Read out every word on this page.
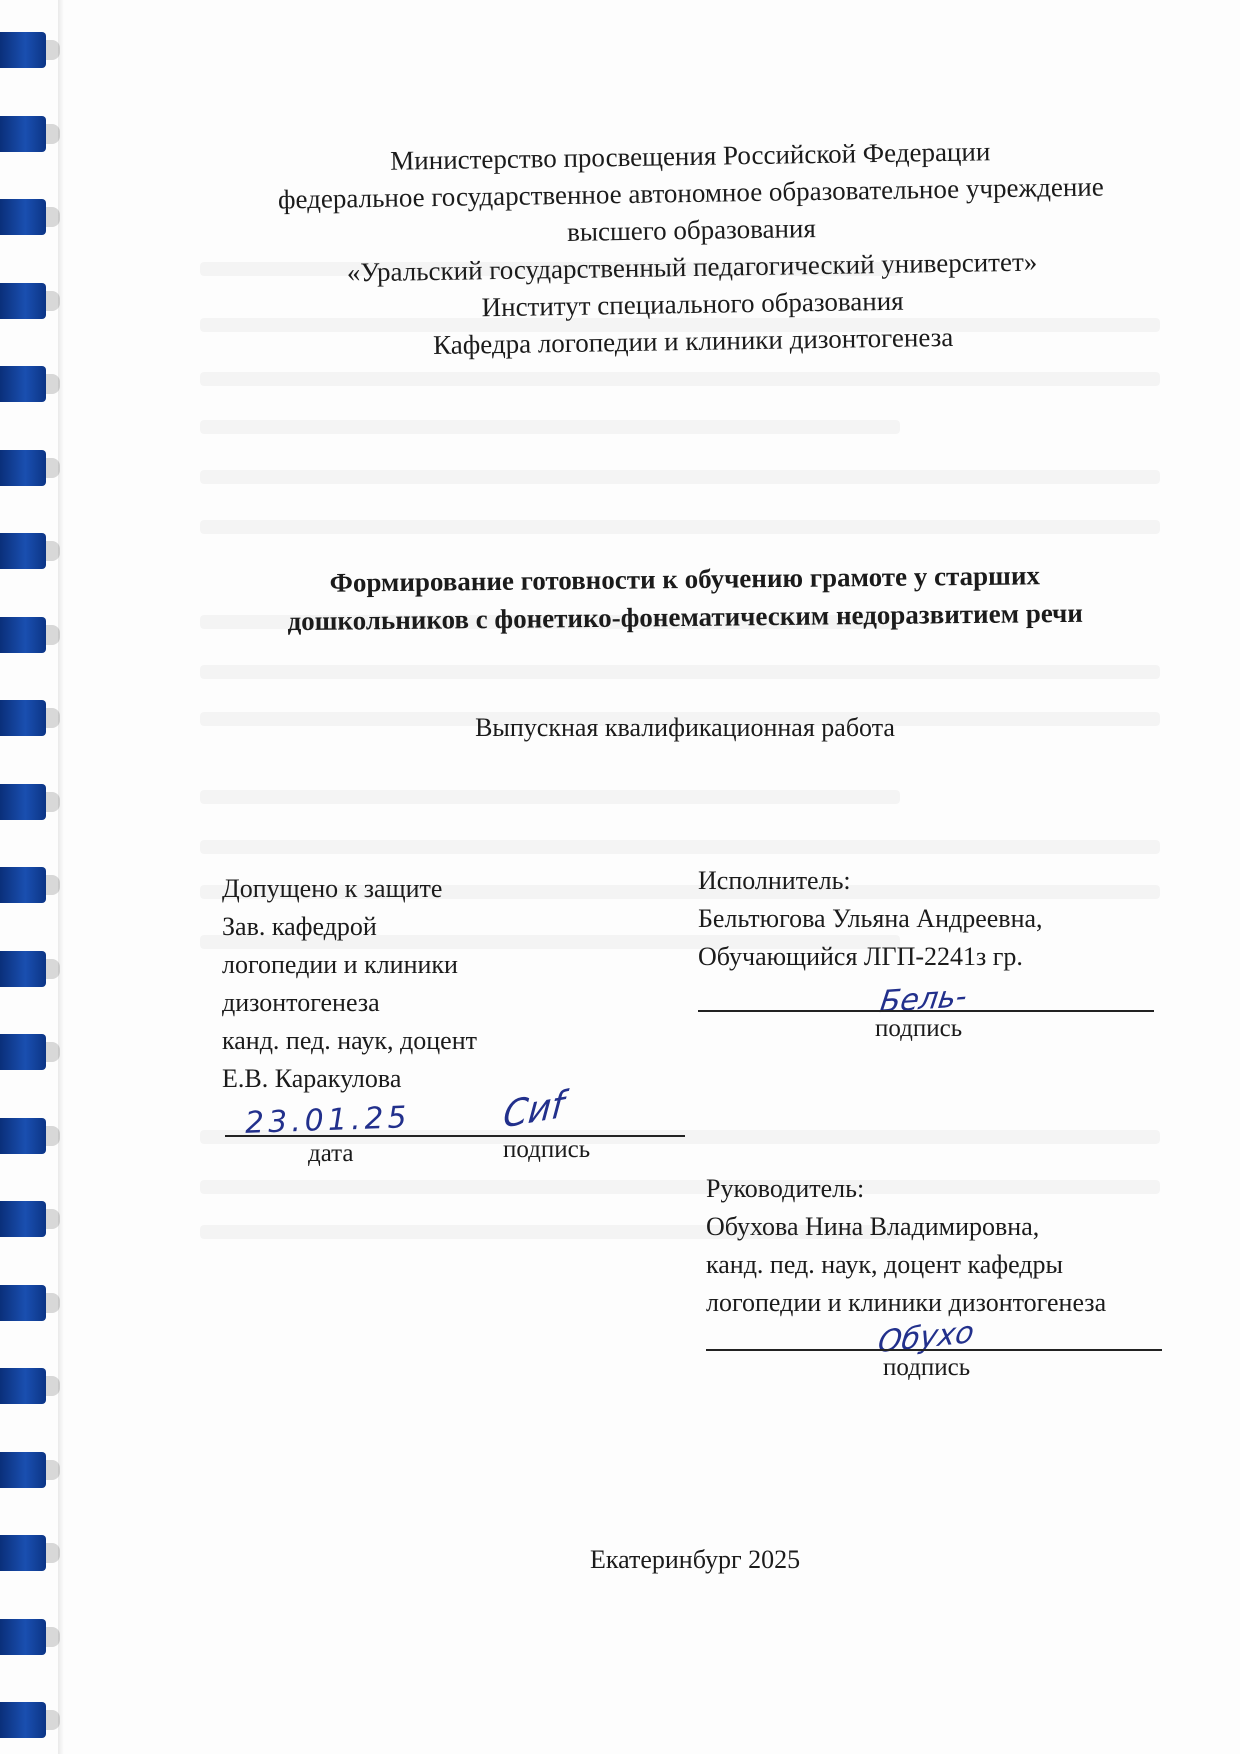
Министерство просвещения Российской Федерации
федеральное государственное автономное образовательное учреждение
высшего образования
«Уральский государственный педагогический университет»
Институт специального образования
Кафедра логопедии и клиники дизонтогенеза
Формирование готовности к обучению грамоте у старших
дошкольников с фонетико-фонематическим недоразвитием речи
Выпускная квалификационная работа
Допущено к защите
Зав. кафедрой
логопедии и клиники
дизонтогенеза
канд. пед. наук, доцент
Е.В. Каракулова
23.01.25	Сиf
дата	подпись
Исполнитель:
Бельтюгова Ульяна Андреевна,
Обучающийся ЛГП-2241з гр.
Бель-
подпись
Руководитель:
Обухова Нина Владимировна,
канд. пед. наук, доцент кафедры
логопедии и клиники дизонтогенеза
Обухо
подпись
Екатеринбург 2025
